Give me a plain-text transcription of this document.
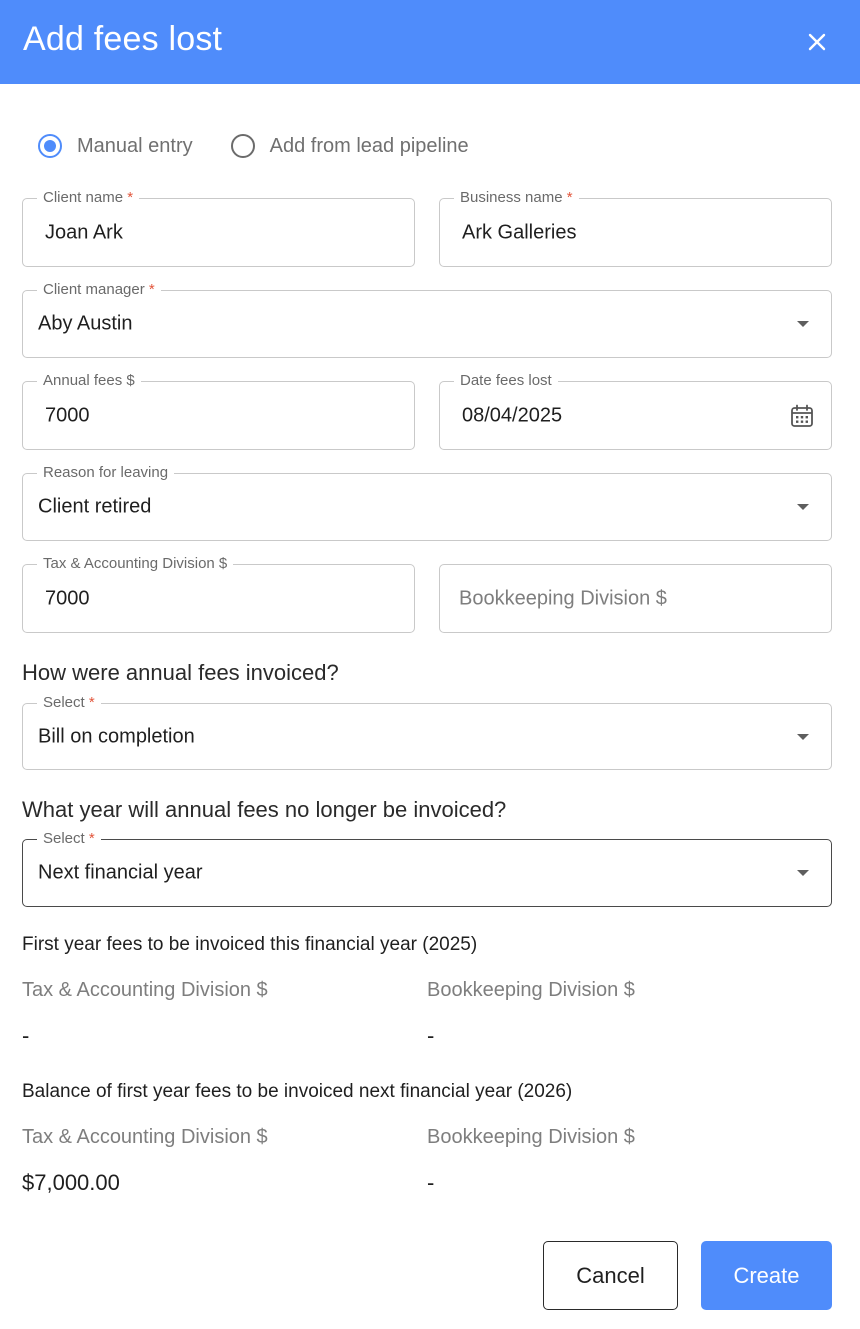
Add fees lost
Manual entry	Add from lead pipeline
Client name *
Joan Ark
Business name *
Ark Galleries
Client manager *
Aby Austin
Annual fees $
7000
Date fees lost
08/04/2025
Reason for leaving
Client retired
Tax & Accounting Division $
7000	Bookkeeping Division $
How were annual fees invoiced?
Select *
Bill on completion
What year will annual fees no longer be invoiced?
Select *
Next financial year
First year fees to be invoiced this financial year (2025)
Tax & Accounting Division $	Bookkeeping Division $
-	-
Balance of first year fees to be invoiced next financial year (2026)
Tax & Accounting Division $	Bookkeeping Division $
$7,000.00	-
Cancel	Create
